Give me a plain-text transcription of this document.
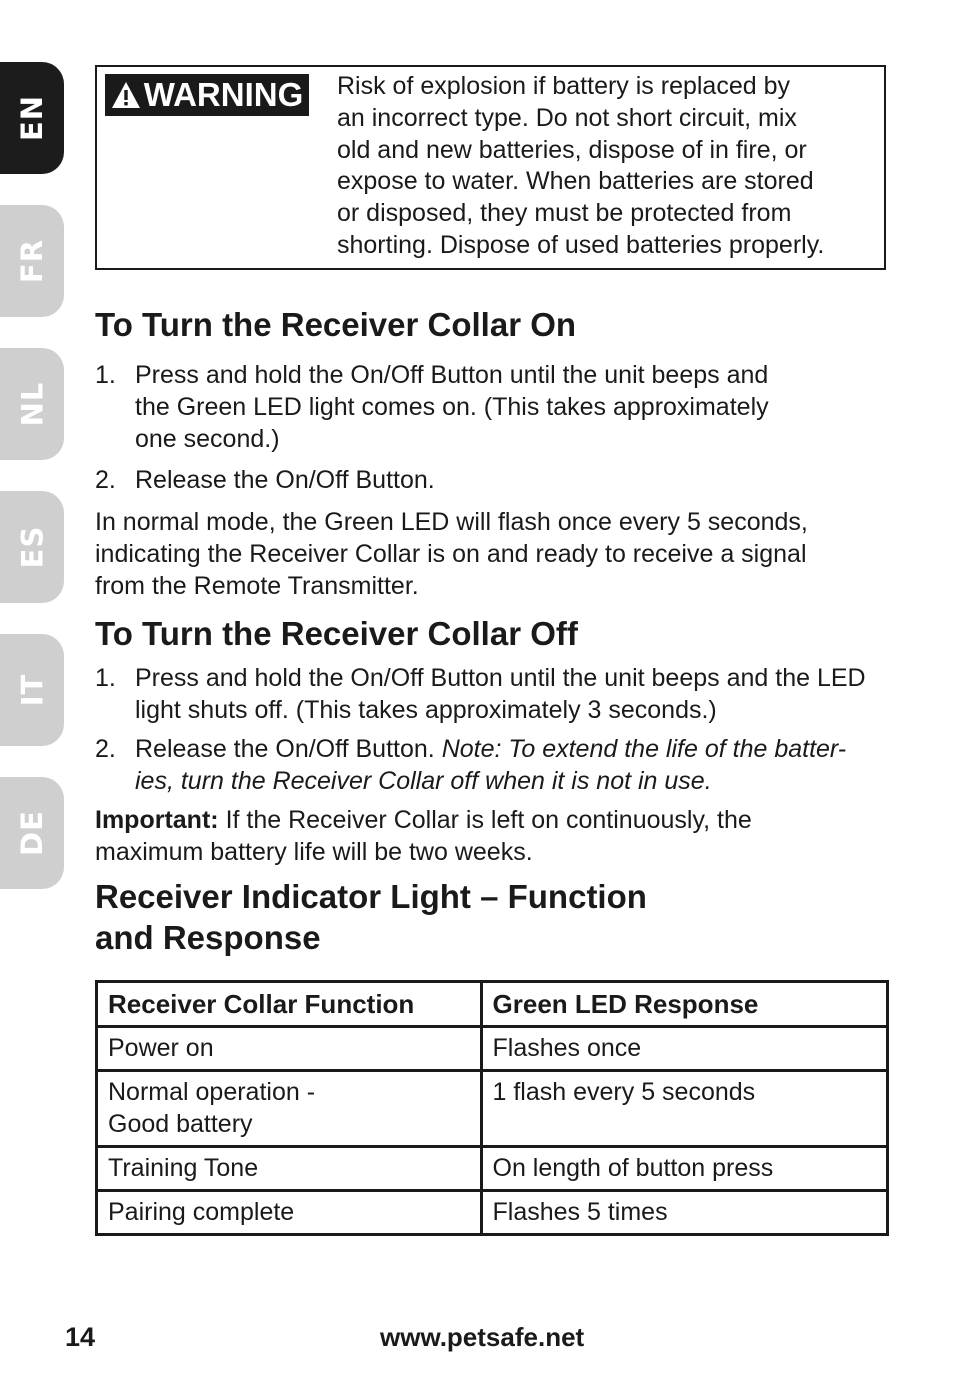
EN
FR
NL
ES
IT
DE
WARNING Risk of explosion if battery is replaced by
an incorrect type. Do not short circuit, mix
old and new batteries, dispose of in fire, or
expose to water. When batteries are stored
or disposed, they must be protected from
shorting. Dispose of used batteries properly.
To Turn the Receiver Collar On
1. Press and hold the On/Off Button until the unit beeps and
the Green LED light comes on. (This takes approximately
one second.)
2. Release the On/Off Button.
In normal mode, the Green LED will flash once every 5 seconds,
indicating the Receiver Collar is on and ready to receive a signal
from the Remote Transmitter.
To Turn the Receiver Collar Off
1. Press and hold the On/Off Button until the unit beeps and the LED
light shuts off. (This takes approximately 3 seconds.)
2. Release the On/Off Button. Note: To extend the life of the batter-
ies, turn the Receiver Collar off when it is not in use.
Important: If the Receiver Collar is left on continuously, the
maximum battery life will be two weeks.
Receiver Indicator Light – Function
and Response
Receiver Collar Function	Green LED Response

Power on	Flashes once

Normal operation -
Good battery	1 flash every 5 seconds

Training Tone	On length of button press

Pairing complete	Flashes 5 times
14	www.petsafe.net
